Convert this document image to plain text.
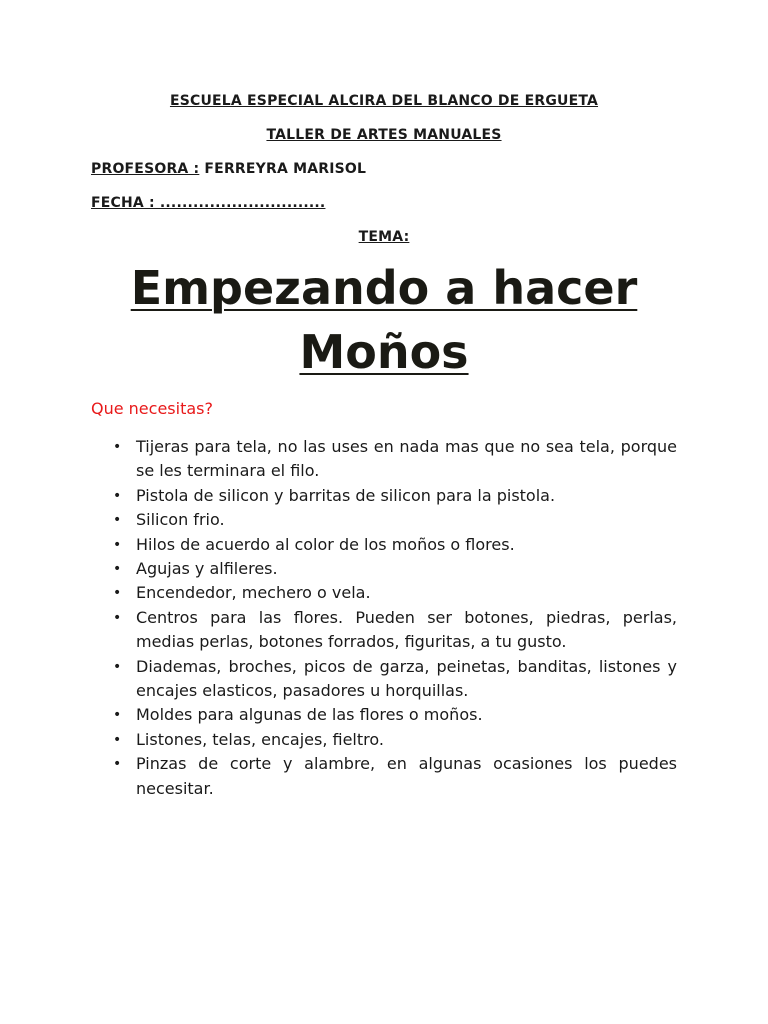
ESCUELA ESPECIAL ALCIRA DEL BLANCO DE ERGUETA
TALLER DE ARTES MANUALES
PROFESORA : FERREYRA MARISOL
FECHA : ..............................
TEMA:
Empezando a hacer
Moños
Que necesitas?
• Tijeras para tela, no las uses en nada mas que no sea tela, porque se les terminara el filo.
• Pistola de silicon y barritas de silicon para la pistola.
• Silicon frio.
• Hilos de acuerdo al color de los moños o flores.
• Agujas y alfileres.
• Encendedor, mechero o vela.
• Centros para las flores. Pueden ser botones, piedras, perlas, medias perlas, botones forrados, figuritas, a tu gusto.
• Diademas, broches, picos de garza, peinetas, banditas, listones y encajes elasticos, pasadores u horquillas.
• Moldes para algunas de las flores o moños.
• Listones, telas, encajes, fieltro.
• Pinzas de corte y alambre, en algunas ocasiones los puedes necesitar.
